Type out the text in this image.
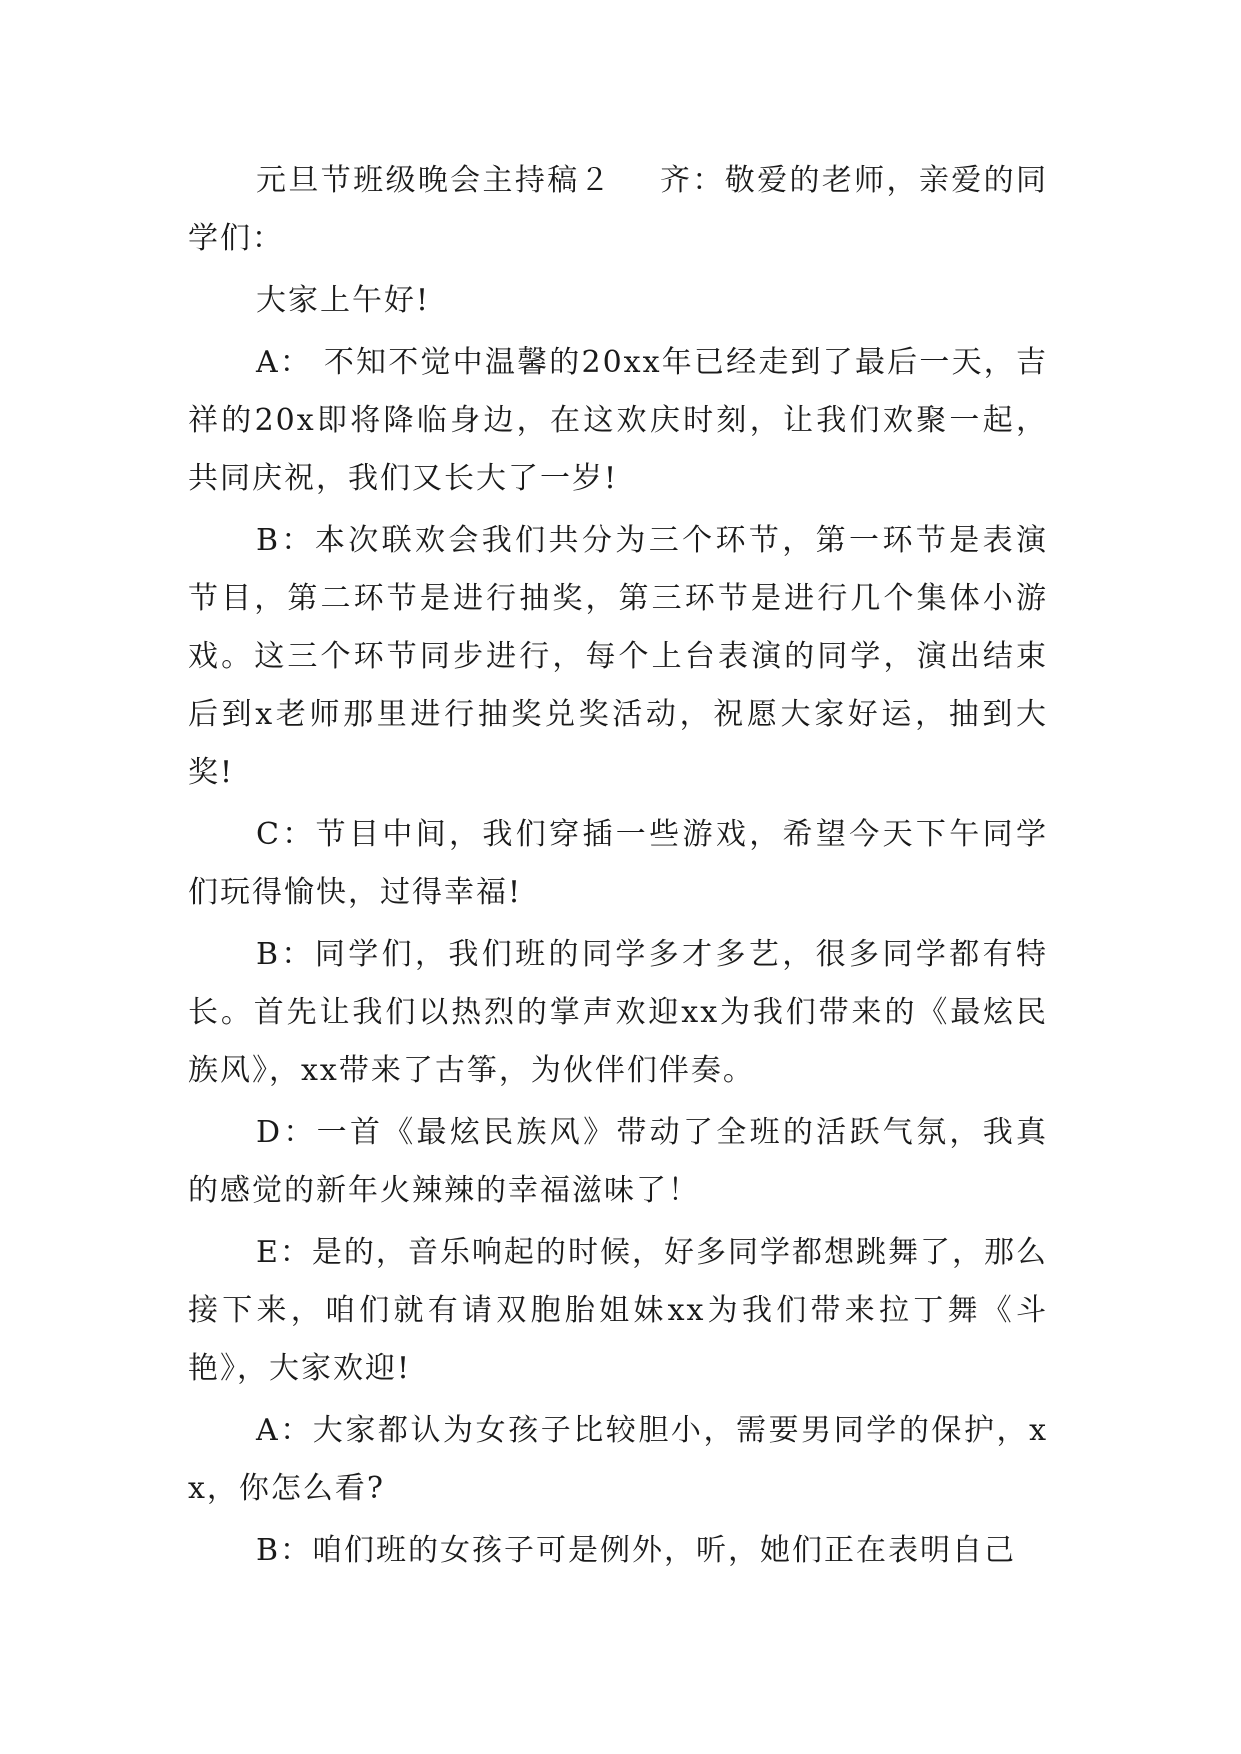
元旦节班级晚会主持稿２ 齐：敬爱的老师，亲爱的同学们：

大家上午好!

A： 不知不觉中温馨的20xx年已经走到了最后一天，吉祥的20x即将降临身边，在这欢庆时刻，让我们欢聚一起，共同庆祝，我们又长大了一岁!

B：本次联欢会我们共分为三个环节，第一环节是表演节目，第二环节是进行抽奖，第三环节是进行几个集体小游戏。这三个环节同步进行，每个上台表演的同学，演出结束后到x老师那里进行抽奖兑奖活动，祝愿大家好运，抽到大奖!

C：节目中间，我们穿插一些游戏，希望今天下午同学们玩得愉快，过得幸福!

B：同学们，我们班的同学多才多艺，很多同学都有特长。首先让我们以热烈的掌声欢迎xx为我们带来的《最炫民族风》，xx带来了古筝，为伙伴们伴奏。

D：一首《最炫民族风》带动了全班的活跃气氛，我真的感觉的新年火辣辣的幸福滋味了！

E：是的，音乐响起的时候，好多同学都想跳舞了，那么接下来，咱们就有请双胞胎姐妹xx为我们带来拉丁舞《斗艳》，大家欢迎!

A：大家都认为女孩子比较胆小，需要男同学的保护，xx，你怎么看?

B：咱们班的女孩子可是例外，听，她们正在表明自己
